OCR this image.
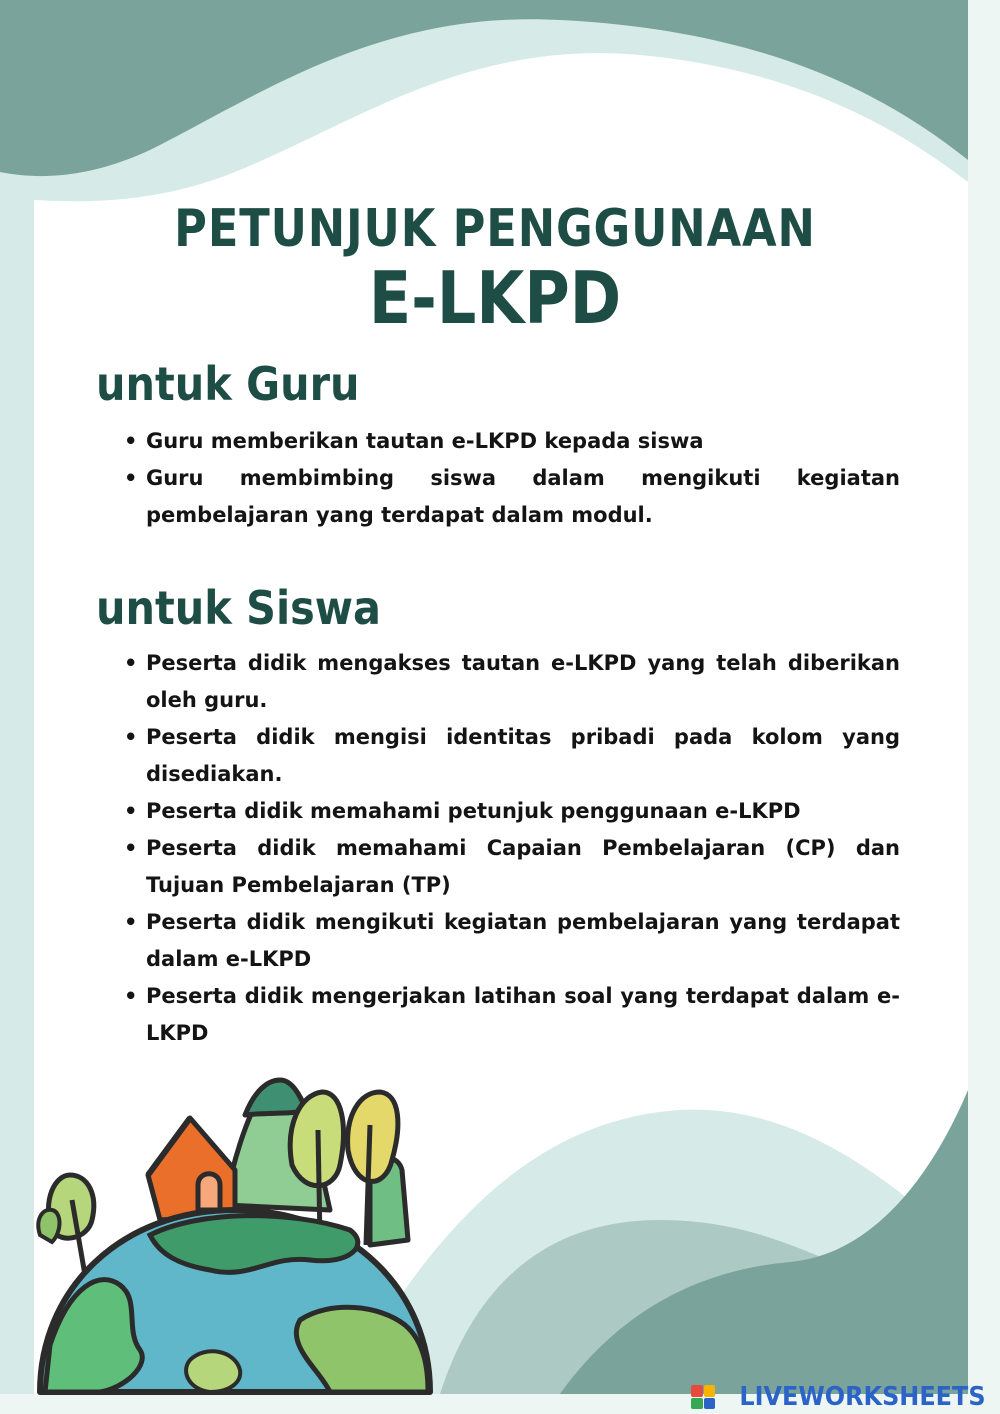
PETUNJUK PENGGUNAAN
E-LKPD
untuk Guru
• Guru memberikan tautan e-LKPD kepada siswa
• Guru membimbing siswa dalam mengikuti kegiatan pembelajaran yang terdapat dalam modul.
untuk Siswa
• Peserta didik mengakses tautan e-LKPD yang telah diberikan oleh guru.
• Peserta didik mengisi identitas pribadi pada kolom yang disediakan.
• Peserta didik memahami petunjuk penggunaan e-LKPD
• Peserta didik memahami Capaian Pembelajaran (CP) dan Tujuan Pembelajaran (TP)
• Peserta didik mengikuti kegiatan pembelajaran yang terdapat dalam e-LKPD
• Peserta didik mengerjakan latihan soal yang terdapat dalam e-LKPD
LIVEWORKSHEETS
